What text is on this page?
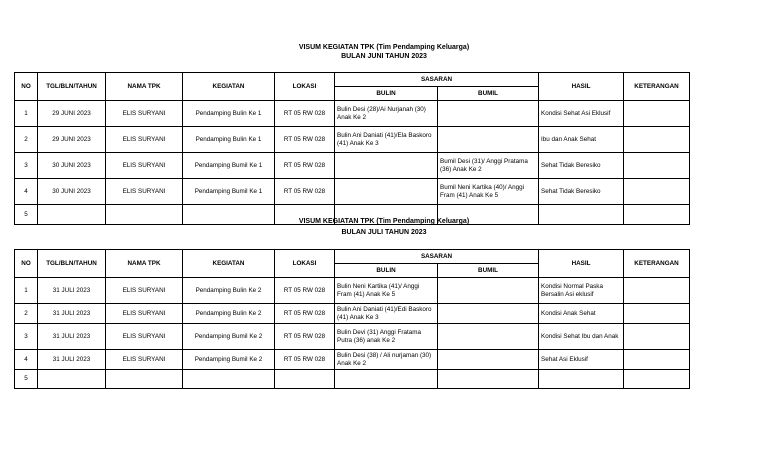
VISUM KEGIATAN TPK (Tim Pendamping Keluarga)
BULAN JUNI TAHUN 2023
NO	TGL/BLN/TAHUN	NAMA TPK	KEGIATAN	LOKASI	SASARAN		HASIL	KETERANGAN
					BULIN	BUMIL		
1	29 JUNI 2023	ELIS SURYANI	Pendamping Bulin Ke 1	RT 05 RW 028	Bulin Desi (28)/Ai Nurjanah (30) Anak Ke 2		Kondisi Sehat Asi Eklusif	
2	29 JUNI 2023	ELIS SURYANI	Pendamping Bulin Ke 1	RT 05 RW 028	Bulin Ani Daniati (41)/Ela Baskoro (41) Anak Ke 3		Ibu dan Anak Sehat	
3	30 JUNI 2023	ELIS SURYANI	Pendamping Bumil Ke 1	RT 05 RW 028		Bumil Desi (31)/ Anggi Pratama (36) Anak Ke 2	Sehat Tidak Beresiko	
4	30 JUNI 2023	ELIS SURYANI	Pendamping Bumil Ke 1	RT 05 RW 028		Bumil Neni Kartika (40)/ Anggi Fram (41) Anak Ke 5	Sehat Tidak Beresiko	
5								
VISUM KEGIATAN TPK (Tim Pendamping Keluarga)
BULAN JULI TAHUN 2023
NO	TGL/BLN/TAHUN	NAMA TPK	KEGIATAN	LOKASI	SASARAN		HASIL	KETERANGAN
					BULIN	BUMIL		
1	31 JULI 2023	ELIS SURYANI	Pendamping Bulin Ke 2	RT 05 RW 028	Bulin Neni Kartika (41)/ Anggi Fram (41) Anak Ke 5		Kondisi Normal Paska Bersalin Asi eklusif	
2	31 JULI 2023	ELIS SURYANI	Pendamping Bulin Ke 2	RT 05 RW 028	Bulin Ani Daniati (41)/Edi Baskoro (41) Anak Ke 3		Kondisi Anak Sehat	
3	31 JULI 2023	ELIS SURYANI	Pendamping Bumil Ke 2	RT 05 RW 028	Bulin Devi (31) Anggi Fratama Putra (36) anak Ke 2		Kondisi Sehat Ibu dan Anak	
4	31 JULI 2023	ELIS SURYANI	Pendamping Bumil Ke 2	RT 05 RW 028	Bulin Desi (38) / Ali nurjaman (30) Anak Ke 2		Sehat Asi Eklusif	
5								
